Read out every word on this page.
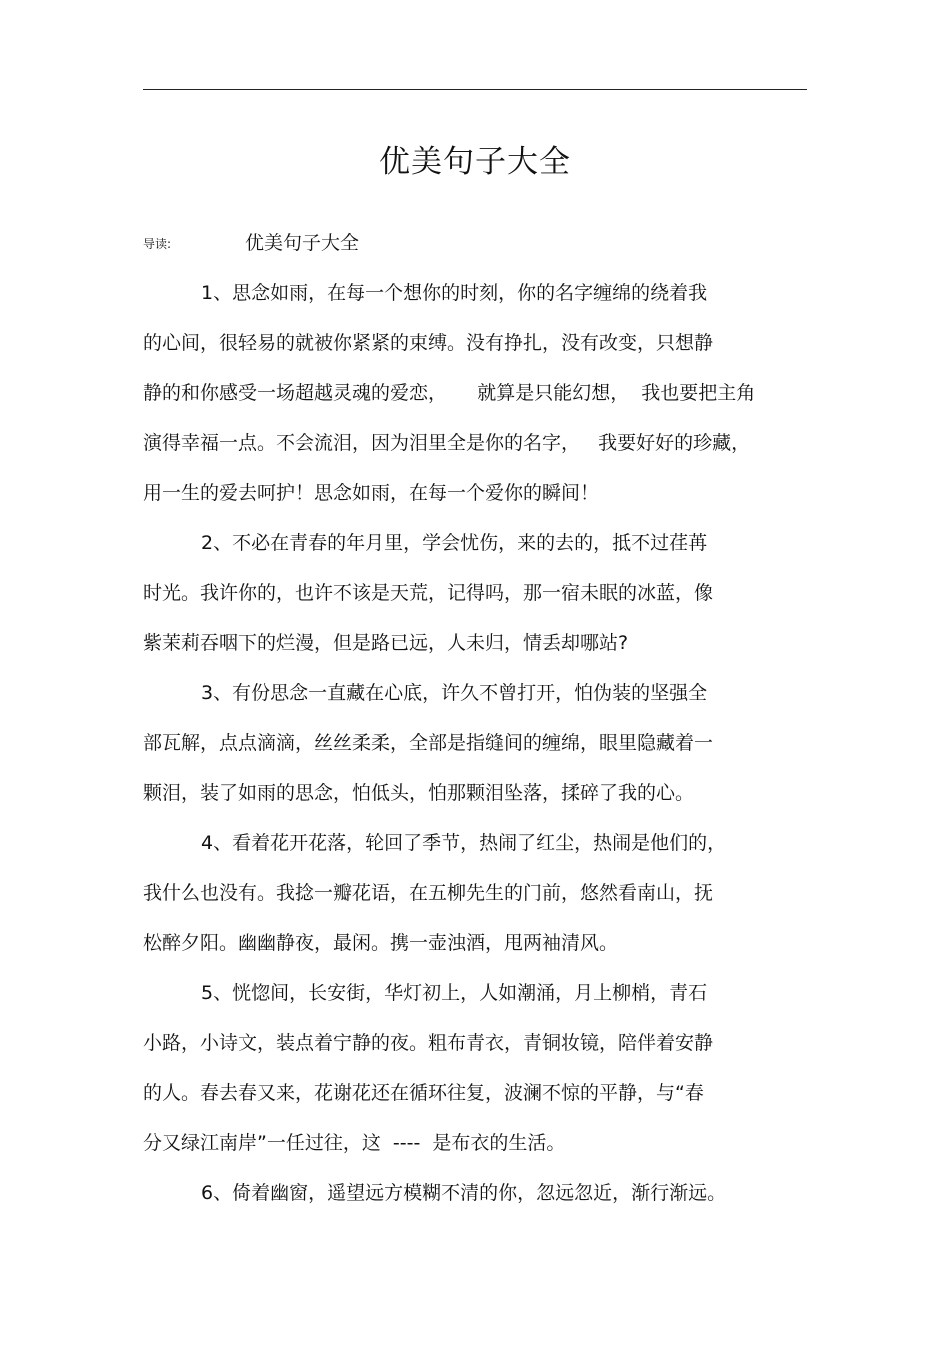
优美句子大全
导读:	优美句子大全
1、思念如雨，在每一个想你的时刻，你的名字缠绵的绕着我
的心间，很轻易的就被你紧紧的束缚。没有挣扎，没有改变，只想静
静的和你感受一场超越灵魂的爱恋，     就算是只能幻想，  我也要把主角
演得幸福一点。不会流泪，因为泪里全是你的名字，   我要好好的珍藏，
用一生的爱去呵护！思念如雨，在每一个爱你的瞬间！
2、不必在青春的年月里，学会忧伤，来的去的，抵不过荏苒
时光。我许你的，也许不该是天荒，记得吗，那一宿未眠的冰蓝，像
紫茉莉吞咽下的烂漫，但是路已远，人未归，情丢却哪站?
3、有份思念一直藏在心底，许久不曾打开，怕伪装的坚强全
部瓦解，点点滴滴，丝丝柔柔，全部是指缝间的缠绵，眼里隐藏着一
颗泪，装了如雨的思念，怕低头，怕那颗泪坠落，揉碎了我的心。
4、看着花开花落，轮回了季节，热闹了红尘，热闹是他们的，
我什么也没有。我捻一瓣花语，在五柳先生的门前，悠然看南山，抚
松醉夕阳。幽幽静夜，最闲。携一壶浊酒，甩两袖清风。
5、恍惚间，长安街，华灯初上，人如潮涌，月上柳梢，青石
小路，小诗文，装点着宁静的夜。粗布青衣，青铜妆镜，陪伴着安静
的人。春去春又来，花谢花还在循环往复，波澜不惊的平静，与“春
分又绿江南岸”一任过往，这  ----  是布衣的生活。
6、倚着幽窗，遥望远方模糊不清的你，忽远忽近，渐行渐远。
